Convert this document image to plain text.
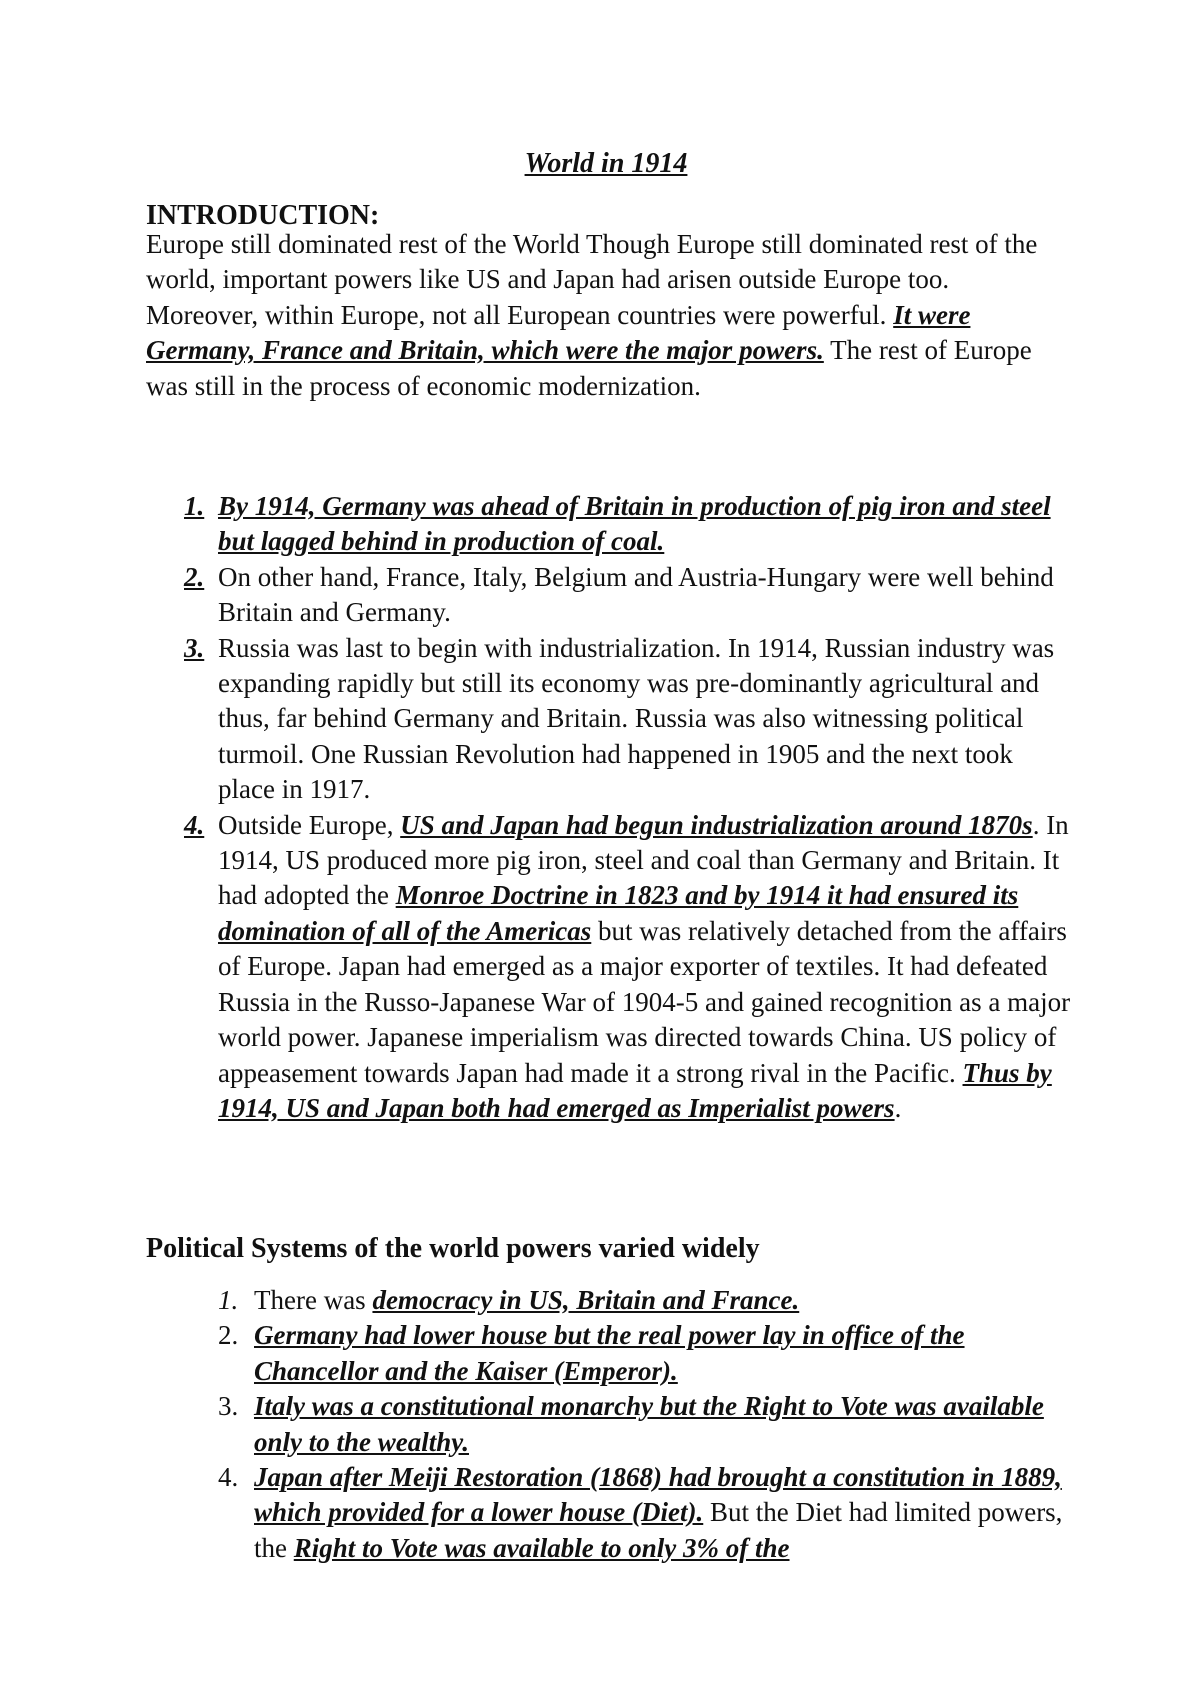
World in 1914
INTRODUCTION:
Europe still dominated rest of the World Though Europe still dominated rest of the world, important powers like US and Japan had arisen outside Europe too. Moreover, within Europe, not all European countries were powerful. It were Germany, France and Britain, which were the major powers. The rest of Europe was still in the process of economic modernization.
1. By 1914, Germany was ahead of Britain in production of pig iron and steel but lagged behind in production of coal.
2. On other hand, France, Italy, Belgium and Austria-Hungary were well behind Britain and Germany.
3. Russia was last to begin with industrialization. In 1914, Russian industry was expanding rapidly but still its economy was pre-dominantly agricultural and thus, far behind Germany and Britain. Russia was also witnessing political turmoil. One Russian Revolution had happened in 1905 and the next took place in 1917.
4. Outside Europe, US and Japan had begun industrialization around 1870s. In 1914, US produced more pig iron, steel and coal than Germany and Britain. It had adopted the Monroe Doctrine in 1823 and by 1914 it had ensured its domination of all of the Americas but was relatively detached from the affairs of Europe. Japan had emerged as a major exporter of textiles. It had defeated Russia in the Russo-Japanese War of 1904-5 and gained recognition as a major world power. Japanese imperialism was directed towards China. US policy of appeasement towards Japan had made it a strong rival in the Pacific. Thus by 1914, US and Japan both had emerged as Imperialist powers.
Political Systems of the world powers varied widely
1. There was democracy in US, Britain and France.
2. Germany had lower house but the real power lay in office of the Chancellor and the Kaiser (Emperor).
3. Italy was a constitutional monarchy but the Right to Vote was available only to the wealthy.
4. Japan after Meiji Restoration (1868) had brought a constitution in 1889, which provided for a lower house (Diet). But the Diet had limited powers, the Right to Vote was available to only 3% of the
